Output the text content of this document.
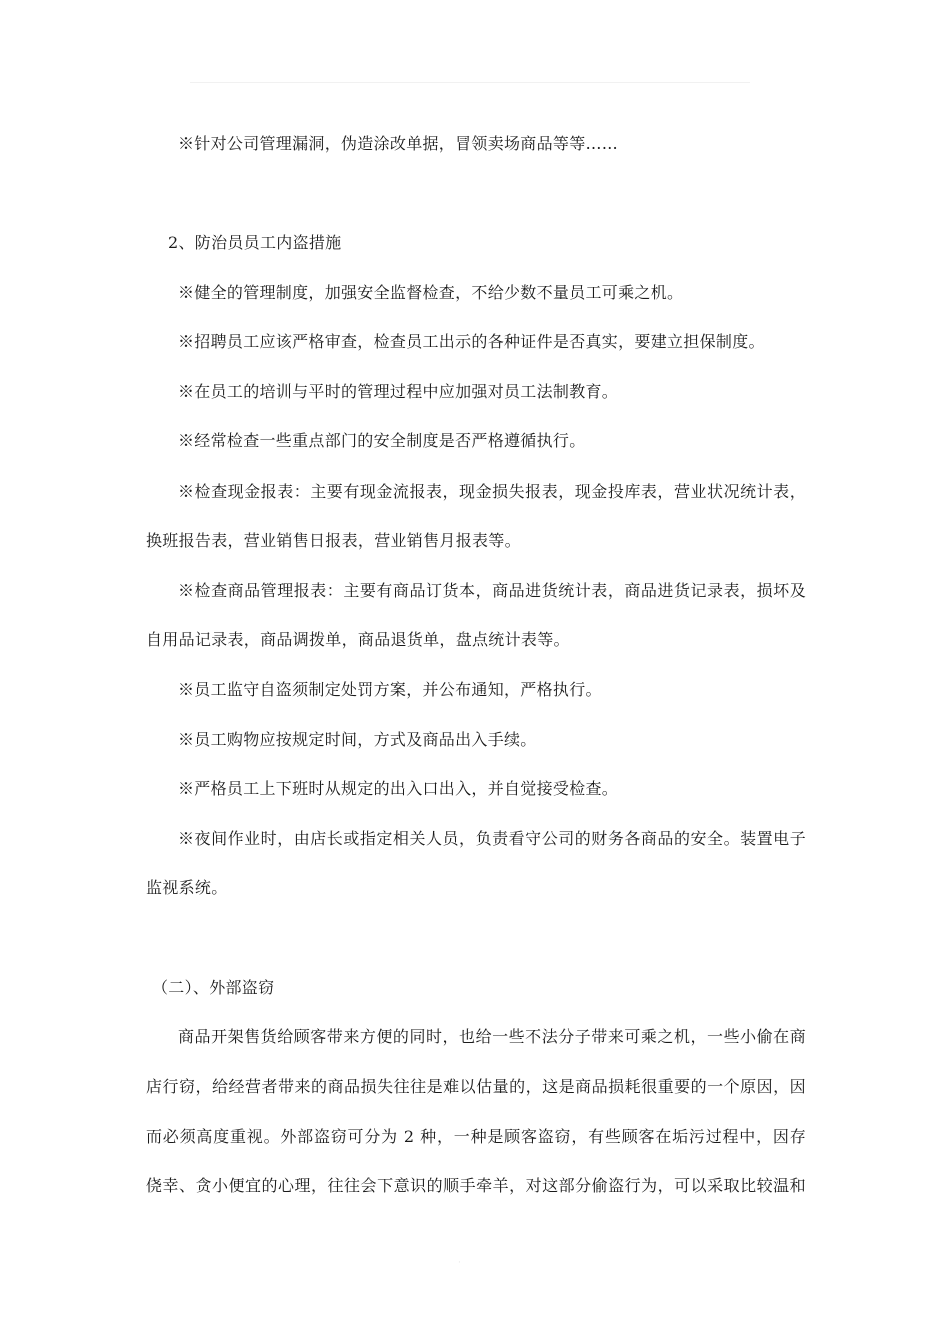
※针对公司管理漏洞，伪造涂改单据，冒领卖场商品等等……
2、防治员员工内盗措施
※健全的管理制度，加强安全监督检查，不给少数不量员工可乘之机。
※招聘员工应该严格审查，检查员工出示的各种证件是否真实，要建立担保制度。
※在员工的培训与平时的管理过程中应加强对员工法制教育。
※经常检查一些重点部门的安全制度是否严格遵循执行。
※检查现金报表：主要有现金流报表，现金损失报表，现金投库表，营业状况统计表，
换班报告表，营业销售日报表，营业销售月报表等。
※检查商品管理报表：主要有商品订货本，商品进货统计表，商品进货记录表，损坏及
自用品记录表，商品调拨单，商品退货单，盘点统计表等。
※员工监守自盗须制定处罚方案，并公布通知，严格执行。
※员工购物应按规定时间，方式及商品出入手续。
※严格员工上下班时从规定的出入口出入，并自觉接受检查。
※夜间作业时，由店长或指定相关人员，负责看守公司的财务各商品的安全。装置电子
监视系统。
（二）、外部盗窃
商品开架售货给顾客带来方便的同时，也给一些不法分子带来可乘之机，一些小偷在商
店行窃，给经营者带来的商品损失往往是难以估量的，这是商品损耗很重要的一个原因，因
而必须高度重视。外部盗窃可分为 2 种，一种是顾客盗窃，有些顾客在垢污过程中，因存
侥幸、贪小便宜的心理，往往会下意识的顺手牵羊，对这部分偷盗行为，可以采取比较温和
·
